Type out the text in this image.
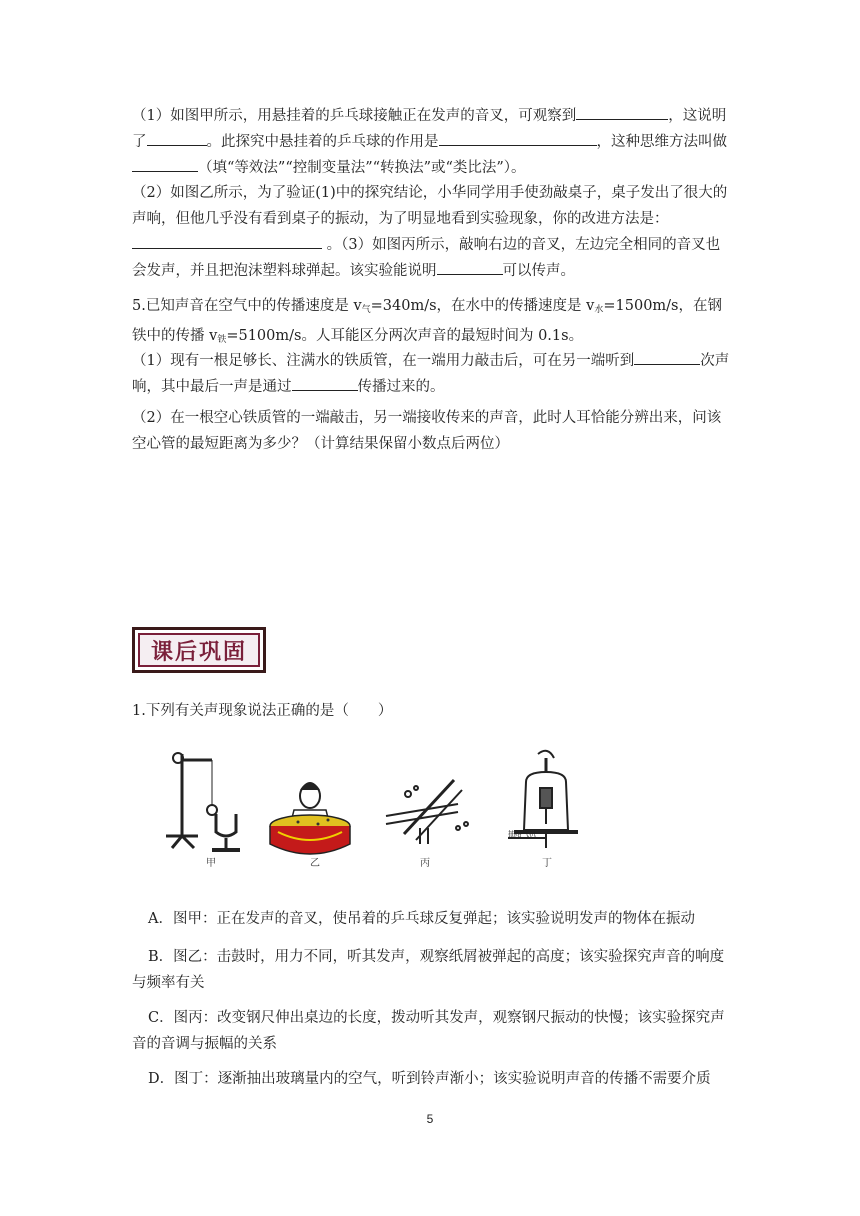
（1）如图甲所示，用悬挂着的乒乓球接触正在发声的音叉，可观察到	，这说明了	。此探究中悬挂着的乒乓球的作用是	，这种思维方法叫做（填“等效法”“控制变量法”“转换法”或“类比法”）。

（2）如图乙所示，为了验证(1)中的探究结论，小华同学用手使劲敲桌子，桌子发出了很大的声响，但他几乎没有看到桌子的振动，为了明显地看到实验现象，你的改进方法是： 。（3）如图丙所示，敲响右边的音叉，左边完全相同的音叉也会发声，并且把泡沫塑料球弹起。该实验能说明	可以传声。

5.已知声音在空气中的传播速度是 $v_气=340m/s$，在水中的传播速度是 $v_水=1500m/s$，在钢铁中的传播 $v_铁=5100m/s$。人耳能区分两次声音的最短时间为 0.1s。

（1）现有一根足够长、注满水的铁质管，在一端用力敲击后，可在另一端听到	次声响，其中最后一声是通过	传播过来的。

（2）在一根空心铁质管的一端敲击，另一端接收传来的声音，此时人耳恰能分辨出来，问该空心管的最短距离为多少？（计算结果保留小数点后两位）

课后巩固

1.下列有关声现象说法正确的是（　　）

抽给气机
甲	乙	丙	丁

A．图甲：正在发声的音叉，使吊着的乒乓球反复弹起；该实验说明发声的物体在振动

B．图乙：击鼓时，用力不同，听其发声，观察纸屑被弹起的高度；该实验探究声音的响度与频率有关

C．图丙：改变钢尺伸出桌边的长度，拨动听其发声，观察钢尺振动的快慢；该实验探究声音的音调与振幅的关系

D．图丁：逐渐抽出玻璃量内的空气，听到铃声渐小；该实验说明声音的传播不需要介质

5
